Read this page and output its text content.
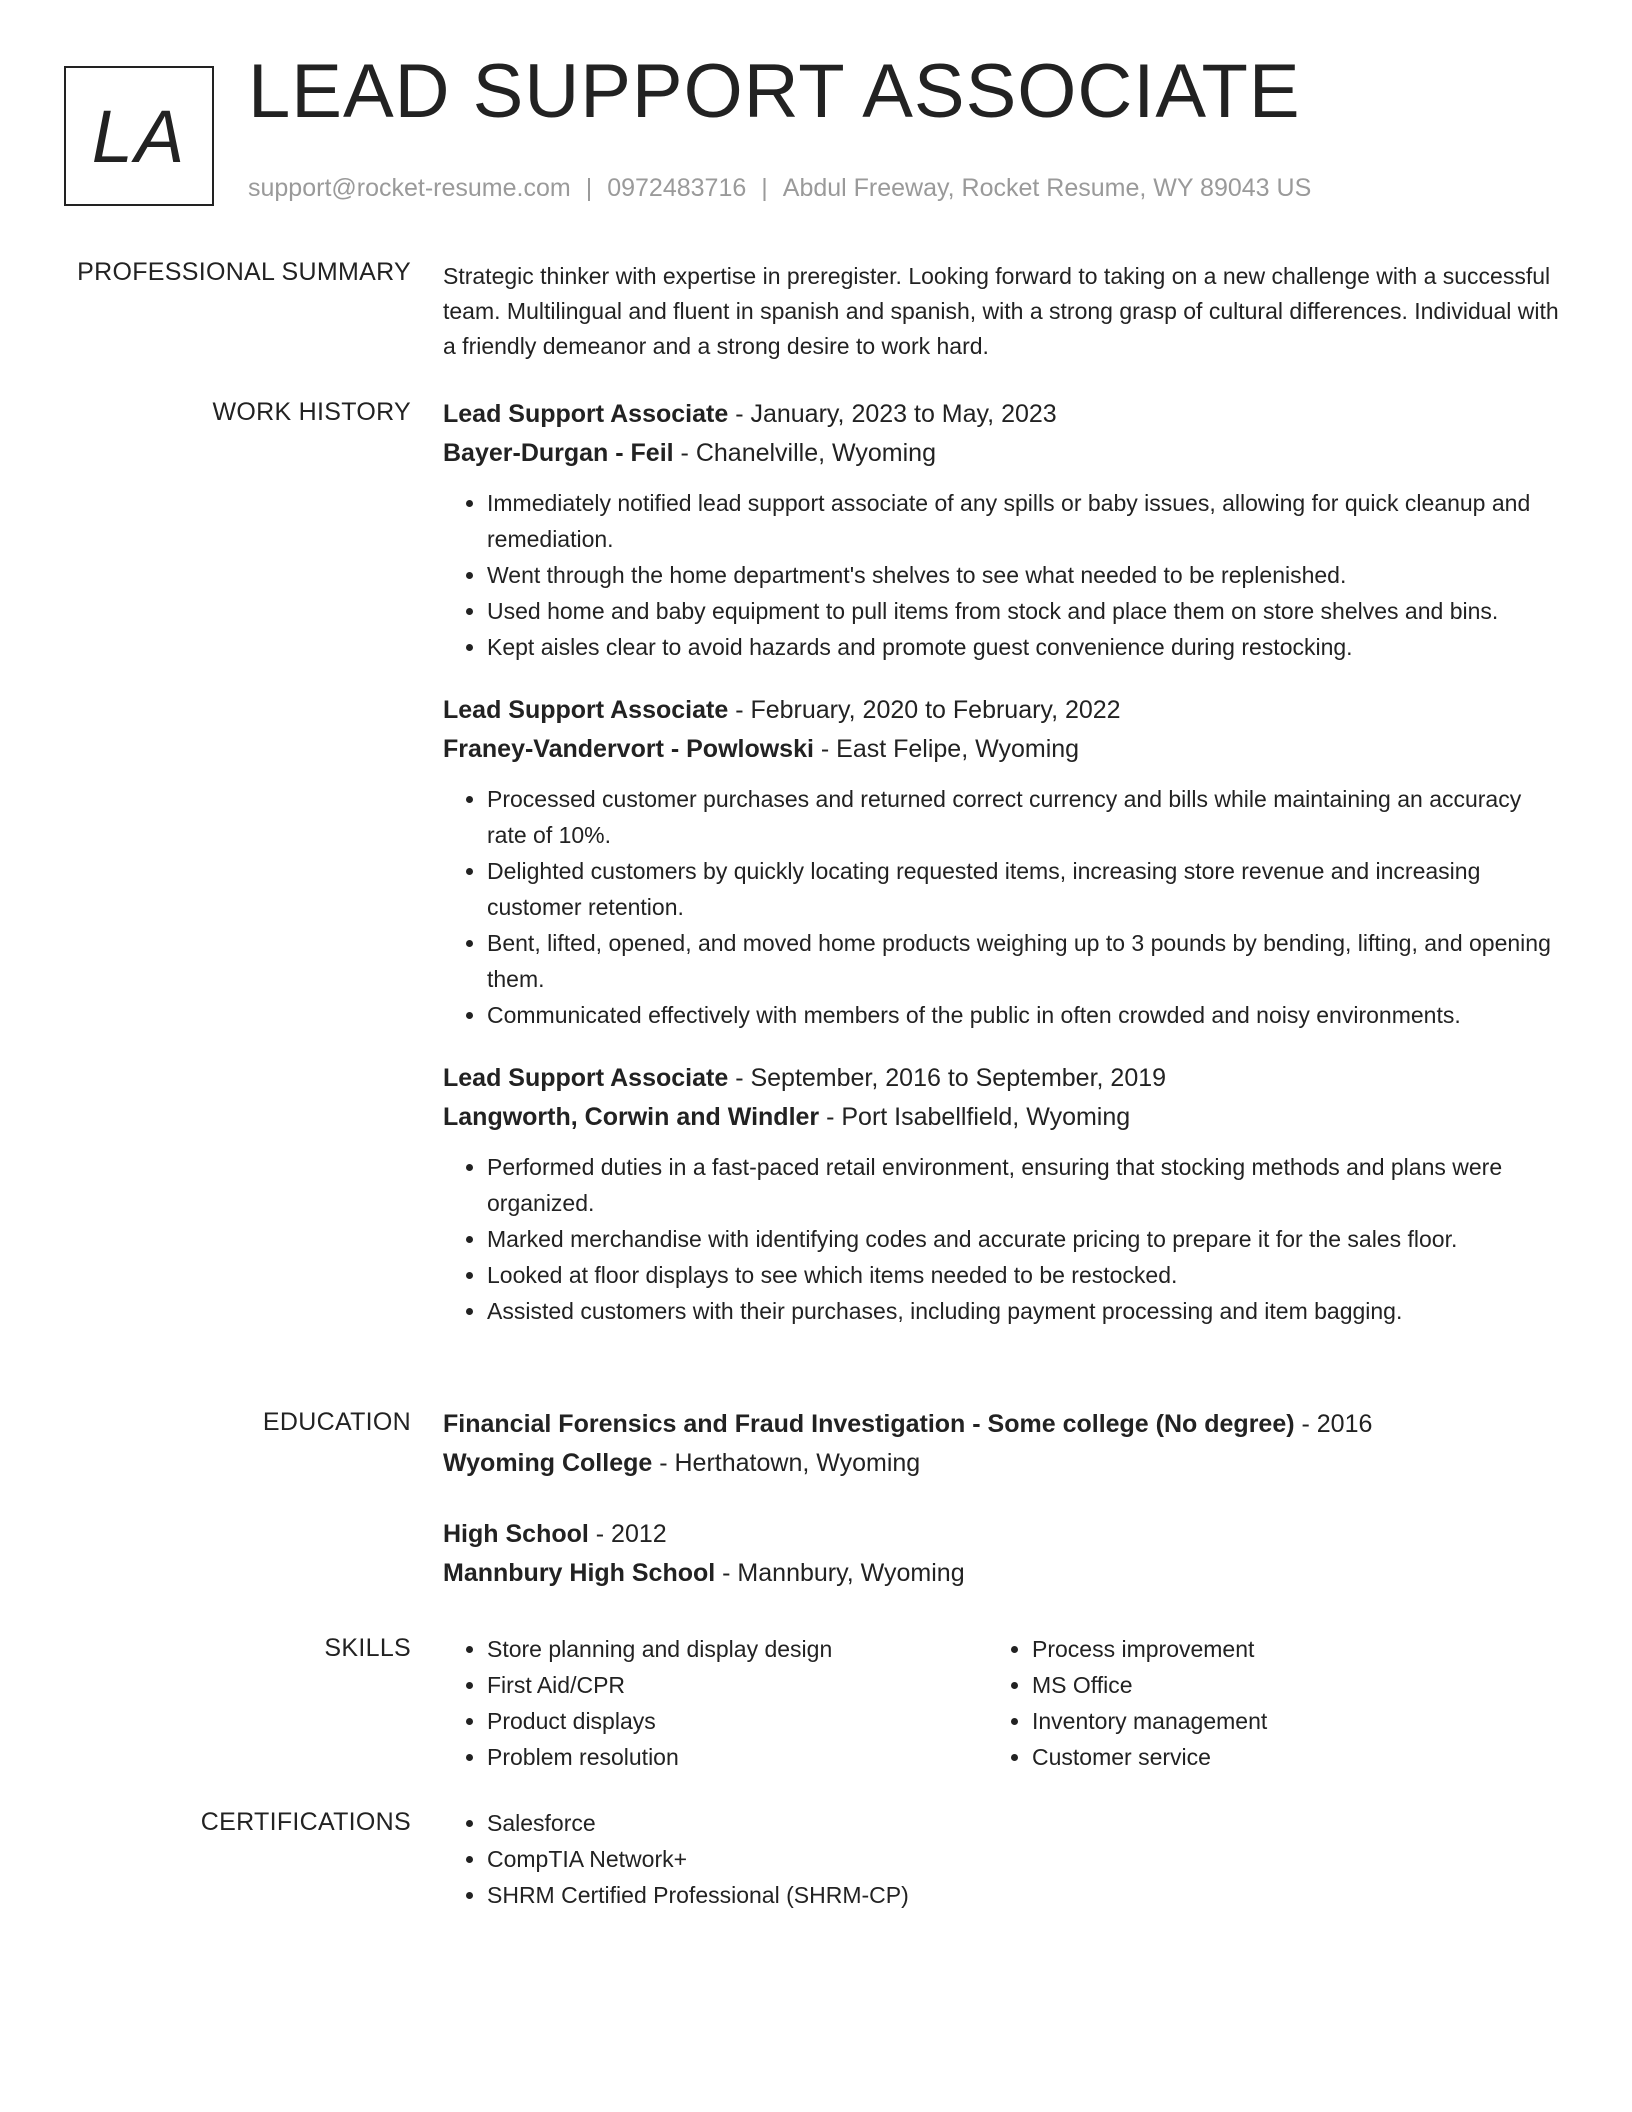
LA
LEAD SUPPORT ASSOCIATE
support@rocket-resume.com | 0972483716 | Abdul Freeway, Rocket Resume, WY 89043 US
PROFESSIONAL SUMMARY Strategic thinker with expertise in preregister. Looking forward to taking on a new challenge with a successful team. Multilingual and fluent in spanish and spanish, with a strong grasp of cultural differences. Individual with a friendly demeanor and a strong desire to work hard.

WORK HISTORY Lead Support Associate - January, 2023 to May, 2023
Bayer-Durgan - Feil - Chanelville, Wyoming
• Immediately notified lead support associate of any spills or baby issues, allowing for quick cleanup and remediation.
• Went through the home department's shelves to see what needed to be replenished.
• Used home and baby equipment to pull items from stock and place them on store shelves and bins.
• Kept aisles clear to avoid hazards and promote guest convenience during restocking.
Lead Support Associate - February, 2020 to February, 2022
Franey-Vandervort - Powlowski - East Felipe, Wyoming
• Processed customer purchases and returned correct currency and bills while maintaining an accuracy rate of 10%.
• Delighted customers by quickly locating requested items, increasing store revenue and increasing customer retention.
• Bent, lifted, opened, and moved home products weighing up to 3 pounds by bending, lifting, and opening them.
• Communicated effectively with members of the public in often crowded and noisy environments.
Lead Support Associate - September, 2016 to September, 2019
Langworth, Corwin and Windler - Port Isabellfield, Wyoming
• Performed duties in a fast-paced retail environment, ensuring that stocking methods and plans were organized.
• Marked merchandise with identifying codes and accurate pricing to prepare it for the sales floor.
• Looked at floor displays to see which items needed to be restocked.
• Assisted customers with their purchases, including payment processing and item bagging.
EDUCATION Financial Forensics and Fraud Investigation - Some college (No degree) - 2016
Wyoming College - Herthatown, Wyoming
High School - 2012
Mannbury High School - Mannbury, Wyoming
SKILLS	• Store planning and display design
• First Aid/CPR
• Product displays
• Problem resolution
• Process improvement
• MS Office
• Inventory management
• Customer service
CERTIFICATIONS	• Salesforce
• CompTIA Network+
• SHRM Certified Professional (SHRM-CP)
